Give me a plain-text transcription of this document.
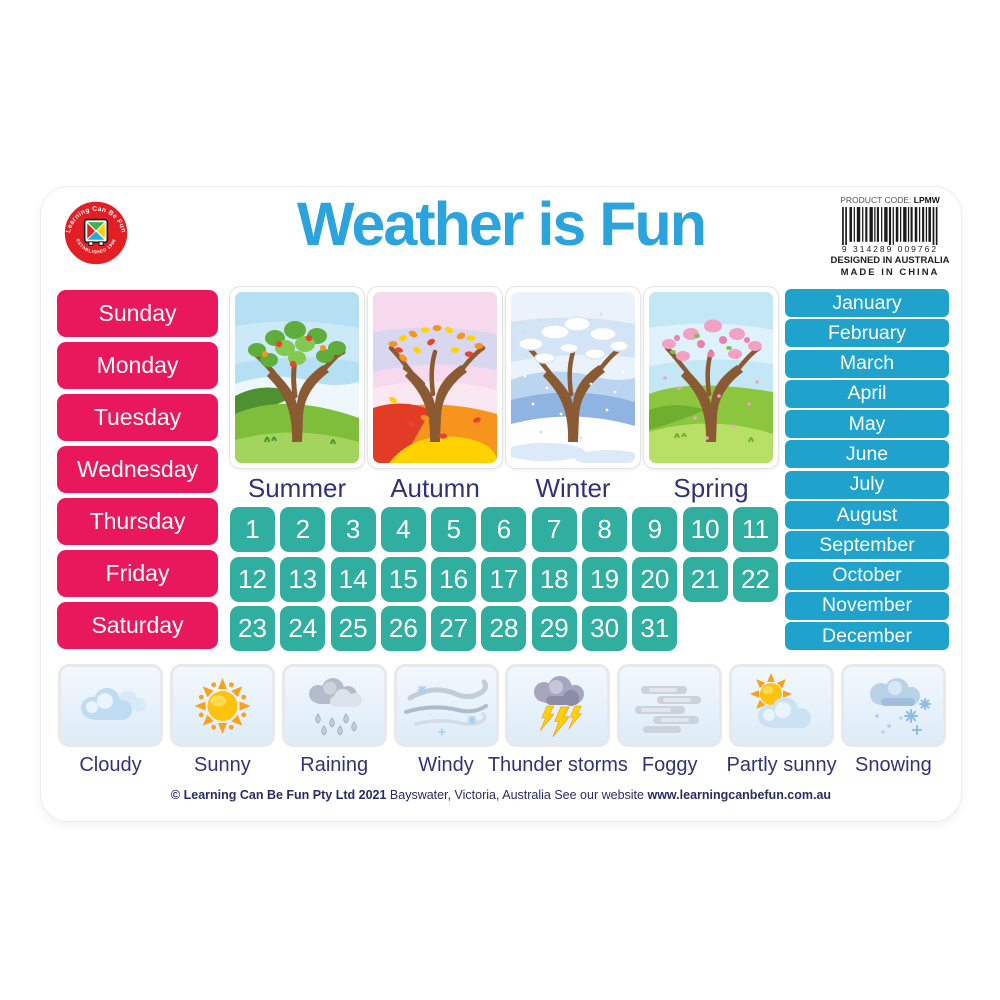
Learning Can Be Fun
ESTABLISHED 1996	Weather is Fun	PRODUCT CODE: LPMW
9 314289 009762
DESIGNED IN AUSTRALIA
MADE IN CHINA
Sunday
Monday
Tuesday
Wednesday
Thursday
Friday
Saturday
Summer	Autumn	Winter	Spring
1	2	3	4	5	6	7	8	9	10 11
12 13 14 15 16 17 18 19 20 21 22
23 24 25 26 27 28 29 30 31
January
February
March
April
May
June
July
August
September
October
November
December
Cloudy	Sunny Raining	Windy Thunder storms Foggy Partly sunny Snowing
© Learning Can Be Fun Pty Ltd 2021 Bayswater, Victoria, Australia See our website www.learningcanbefun.com.au
